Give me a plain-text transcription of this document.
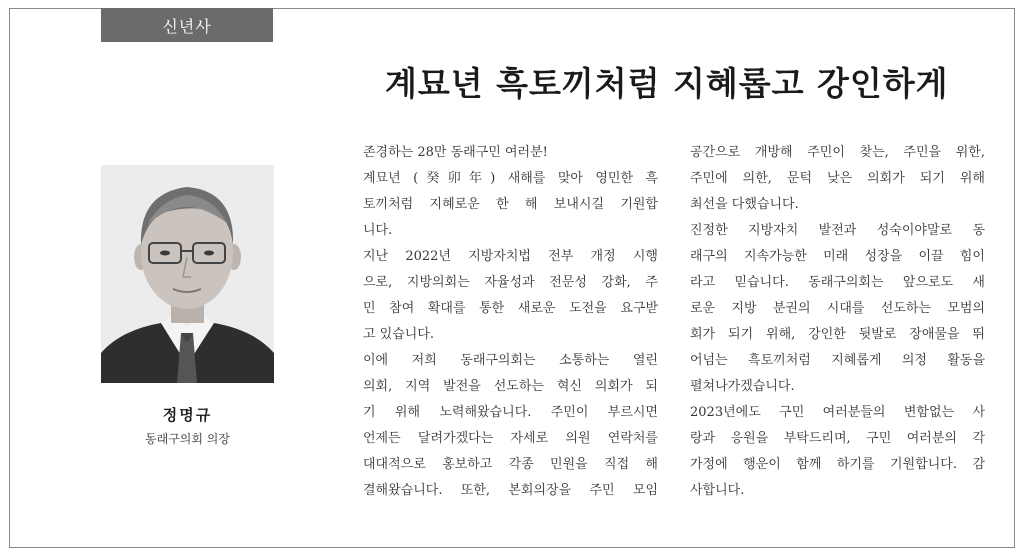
신년사
계묘년 흑토끼처럼 지혜롭고 강인하게
정명규
동래구의회 의장
존경하는 28만 동래구민 여러분!
계묘년 (癸卯年) 새해를 맞아 영민한 흑
토끼처럼 지혜로운 한 해 보내시길 기원합
니다.
지난 2022년 지방자치법 전부 개정 시행
으로, 지방의회는 자율성과 전문성 강화, 주
민 참여 확대를 통한 새로운 도전을 요구받
고 있습니다.
이에 저희 동래구의회는 소통하는 열린
의회, 지역 발전을 선도하는 혁신 의회가 되
기 위해 노력해왔습니다. 주민이 부르시면
언제든 달려가겠다는 자세로 의원 연락처를
대대적으로 홍보하고 각종 민원을 직접 해
결해왔습니다. 또한, 본회의장을 주민 모임
공간으로 개방해 주민이 찾는, 주민을 위한,
주민에 의한, 문턱 낮은 의회가 되기 위해
최선을 다했습니다.
진정한 지방자치 발전과 성숙이야말로 동
래구의 지속가능한 미래 성장을 이끌 힘이
라고 믿습니다. 동래구의회는 앞으로도 새
로운 지방 분권의 시대를 선도하는 모범의
회가 되기 위해, 강인한 뒷발로 장애물을 뛰
어넘는 흑토끼처럼 지혜롭게 의정 활동을
펼쳐나가겠습니다.
2023년에도 구민 여러분들의 변함없는 사
랑과 응원을 부탁드리며, 구민 여러분의 각
가정에 행운이 함께 하기를 기원합니다. 감
사합니다.
